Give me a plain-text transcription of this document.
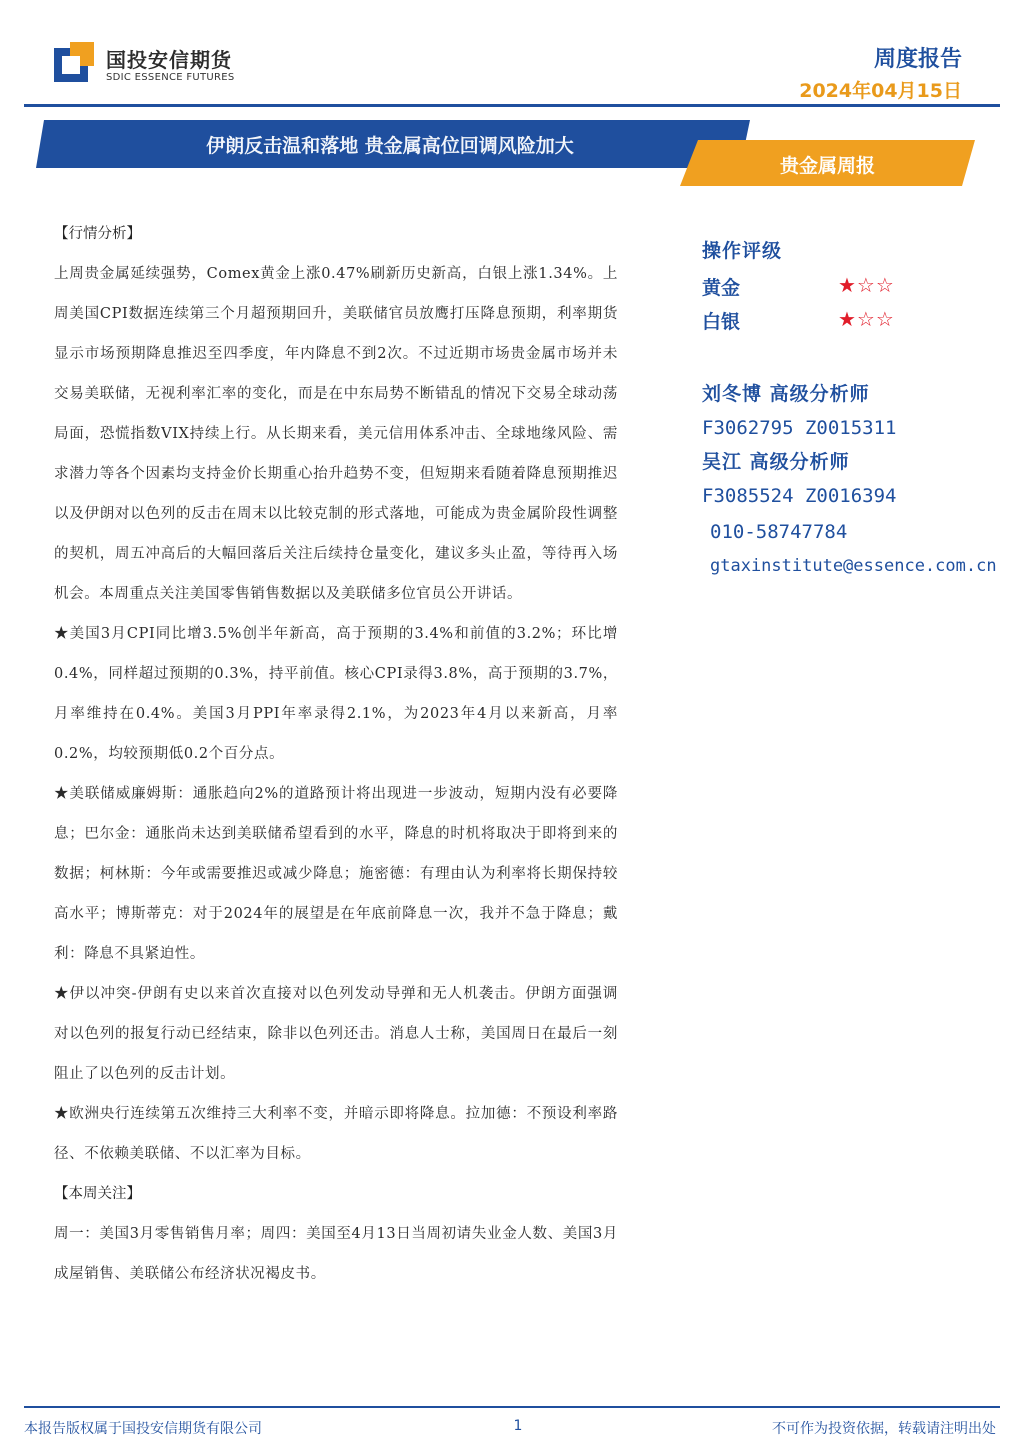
国投安信期货
SDIC ESSENCE FUTURES
周度报告
2024年04月15日
伊朗反击温和落地 贵金属高位回调风险加大
贵金属周报
【行情分析】

上周贵金属延续强势，Comex黄金上涨0.47%刷新历史新高，白银上涨1.34%。上周美国CPI数据连续第三个月超预期回升，美联储官员放鹰打压降息预期，利率期货显示市场预期降息推迟至四季度，年内降息不到2次。不过近期市场贵金属市场并未交易美联储，无视利率汇率的变化，而是在中东局势不断错乱的情况下交易全球动荡局面，恐慌指数VIX持续上行。从长期来看，美元信用体系冲击、全球地缘风险、需求潜力等各个因素均支持金价长期重心抬升趋势不变，但短期来看随着降息预期推迟以及伊朗对以色列的反击在周末以比较克制的形式落地，可能成为贵金属阶段性调整的契机，周五冲高后的大幅回落后关注后续持仓量变化，建议多头止盈，等待再入场机会。本周重点关注美国零售销售数据以及美联储多位官员公开讲话。

★美国3月CPI同比增3.5%创半年新高，高于预期的3.4%和前值的3.2%；环比增0.4%，同样超过预期的0.3%，持平前值。核心CPI录得3.8%，高于预期的3.7%，月率维持在0.4%。美国3月PPI年率录得2.1%，为2023年4月以来新高，月率0.2%，均较预期低0.2个百分点。

★美联储威廉姆斯：通胀趋向2%的道路预计将出现进一步波动，短期内没有必要降息；巴尔金：通胀尚未达到美联储希望看到的水平，降息的时机将取决于即将到来的数据；柯林斯：今年或需要推迟或减少降息；施密德：有理由认为利率将长期保持较高水平；博斯蒂克：对于2024年的展望是在年底前降息一次，我并不急于降息；戴利：降息不具紧迫性。

★伊以冲突-伊朗有史以来首次直接对以色列发动导弹和无人机袭击。伊朗方面强调对以色列的报复行动已经结束，除非以色列还击。消息人士称，美国周日在最后一刻阻止了以色列的反击计划。

★欧洲央行连续第五次维持三大利率不变，并暗示即将降息。拉加德：不预设利率路径、不依赖美联储、不以汇率为目标。

【本周关注】

周一：美国3月零售销售月率；周四：美国至4月13日当周初请失业金人数、美国3月成屋销售、美联储公布经济状况褐皮书。

操作评级
黄金	★☆☆
白银	★☆☆
刘冬博 高级分析师
F3062795 Z0015311
吴江 高级分析师
F3085524 Z0016394
010-58747784
gtaxinstitute@essence.com.cn
本报告版权属于国投安信期货有限公司	1	不可作为投资依据，转载请注明出处
